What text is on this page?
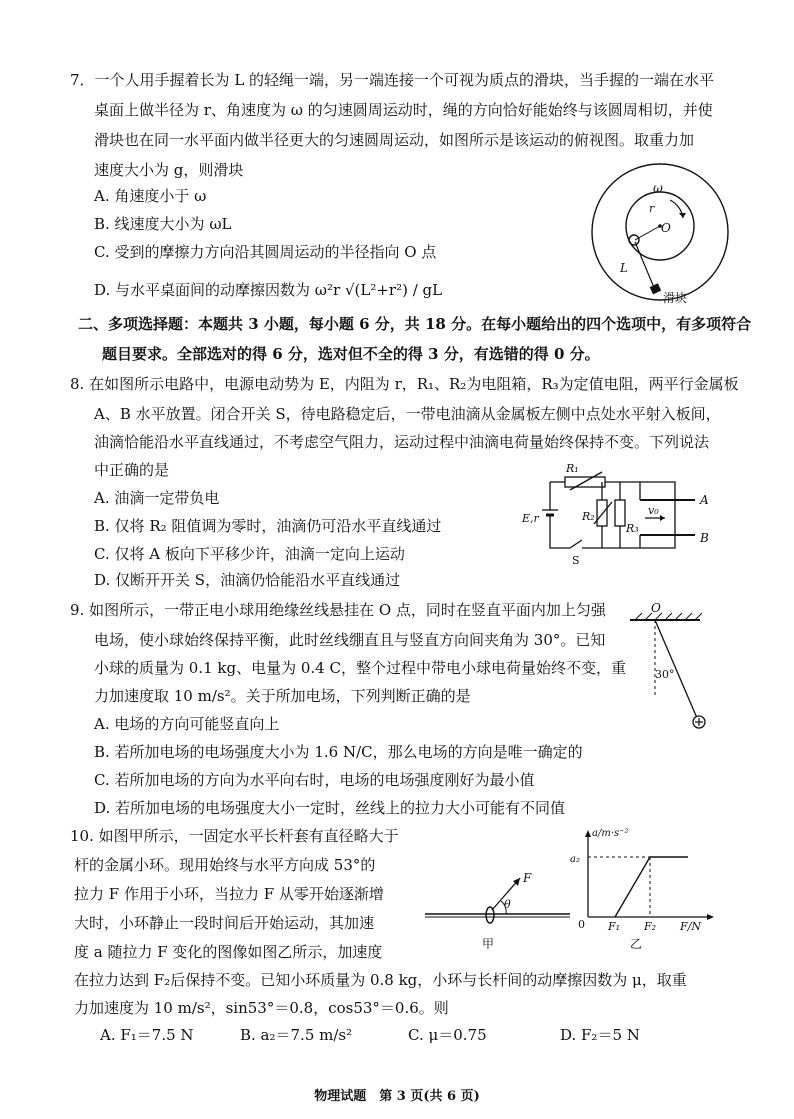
7．一个人用手握着长为 L 的轻绳一端，另一端连接一个可视为质点的滑块，当手握的一端在水平
桌面上做半径为 r、角速度为 ω 的匀速圆周运动时，绳的方向恰好能始终与该圆周相切，并使
滑块也在同一水平面内做半径更大的匀速圆周运动，如图所示是该运动的俯视图。取重力加
速度大小为 g，则滑块
A. 角速度小于 ω
B. 线速度大小为 ωL
C. 受到的摩擦力方向沿其圆周运动的半径指向 O 点
D. 与水平桌面间的动摩擦因数为 ω²r √(L²+r²) / gL
ω
r
O
L
滑块
二、多项选择题：本题共 3 小题，每小题 6 分，共 18 分。在每小题给出的四个选项中，有多项符合
题目要求。全部选对的得 6 分，选对但不全的得 3 分，有选错的得 0 分。
8. 在如图所示电路中，电源电动势为 E，内阻为 r，R₁、R₂为电阻箱，R₃为定值电阻，两平行金属板
A、B 水平放置。闭合开关 S，待电路稳定后，一带电油滴从金属板左侧中点处水平射入板间，
油滴恰能沿水平直线通过，不考虑空气阻力，运动过程中油滴电荷量始终保持不变。下列说法
中正确的是
A. 油滴一定带负电
B. 仅将 R₂ 阻值调为零时，油滴仍可沿水平直线通过
C. 仅将 A 板向下平移少许，油滴一定向上运动
D. 仅断开开关 S，油滴仍恰能沿水平直线通过
R₁
R₂
R₃
E,r
v₀
A
B
S
9. 如图所示，一带正电小球用绝缘丝线悬挂在 O 点，同时在竖直平面内加上匀强
电场，使小球始终保持平衡，此时丝线绷直且与竖直方向间夹角为 30°。已知
小球的质量为 0.1 kg、电量为 0.4 C，整个过程中带电小球电荷量始终不变，重
力加速度取 10 m/s²。关于所加电场，下列判断正确的是
A. 电场的方向可能竖直向上
B. 若所加电场的电场强度大小为 1.6 N/C，那么电场的方向是唯一确定的
C. 若所加电场的方向为水平向右时，电场的电场强度刚好为最小值
D. 若所加电场的电场强度大小一定时，丝线上的拉力大小可能有不同值
O
30°
10. 如图甲所示，一固定水平长杆套有直径略大于
杆的金属小环。现用始终与水平方向成 53°的
拉力 F 作用于小环，当拉力 F 从零开始逐渐增
大时，小环静止一段时间后开始运动，其加速
度 a 随拉力 F 变化的图像如图乙所示，加速度
在拉力达到 F₂后保持不变。已知小环质量为 0.8 kg，小环与长杆间的动摩擦因数为 μ，取重
力加速度为 10 m/s²，sin53°＝0.8，cos53°＝0.6。则
A. F₁＝7.5 N	B. a₂＝7.5 m/s²	C. μ＝0.75	D. F₂＝5 N
F
θ
甲
a/m·s⁻²
a₂
0 F₁ F₂ F/N
乙
物理试题　第 3 页(共 6 页)
